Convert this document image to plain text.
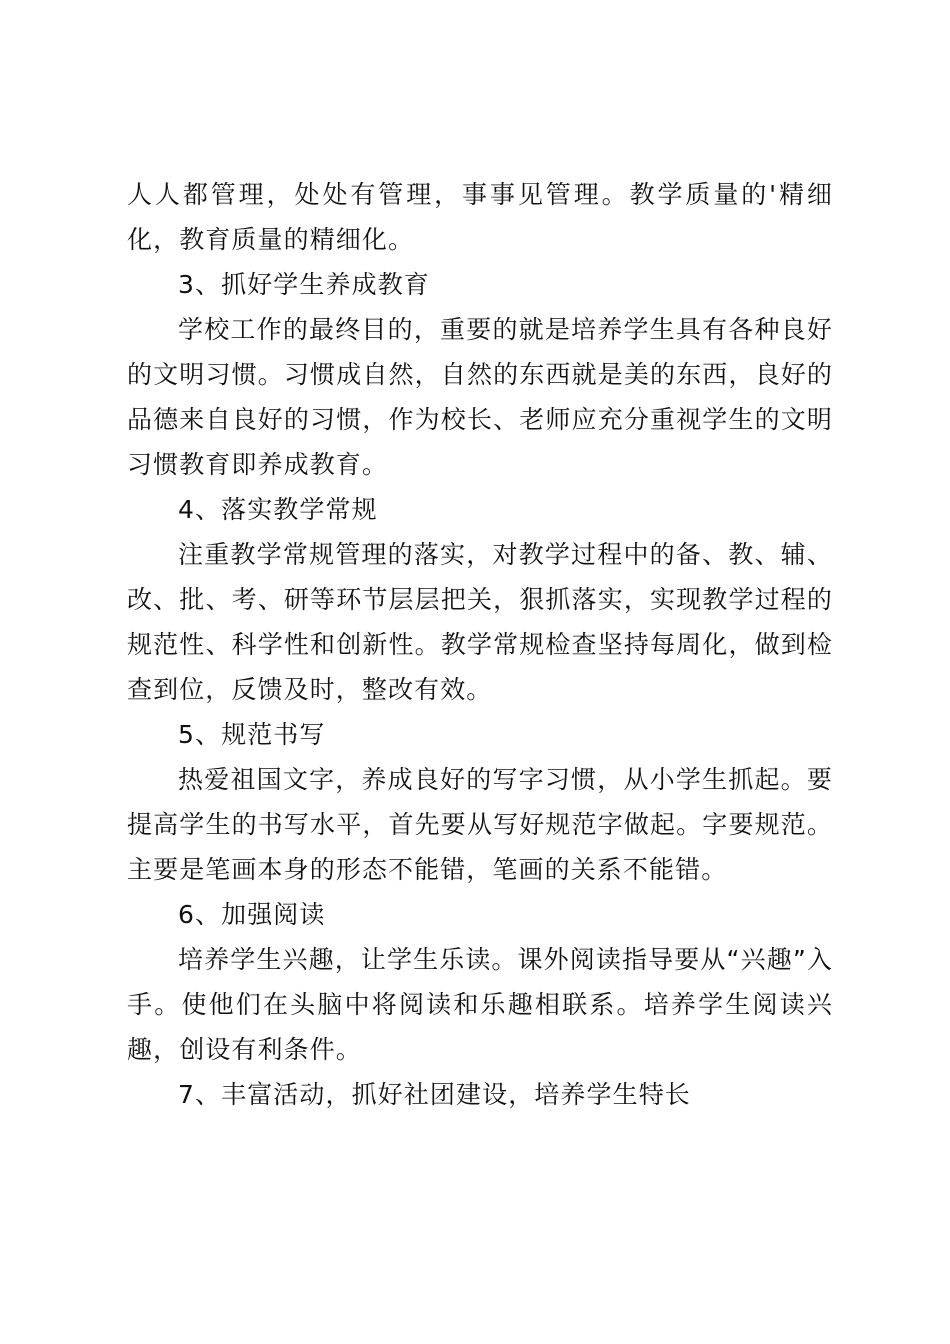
人人都管理，处处有管理，事事见管理。教学质量的'精细化，教育质量的精细化。

3、抓好学生养成教育

学校工作的最终目的，重要的就是培养学生具有各种良好的文明习惯。习惯成自然，自然的东西就是美的东西，良好的品德来自良好的习惯，作为校长、老师应充分重视学生的文明习惯教育即养成教育。

4、落实教学常规

注重教学常规管理的落实，对教学过程中的备、教、辅、改、批、考、研等环节层层把关，狠抓落实，实现教学过程的规范性、科学性和创新性。教学常规检查坚持每周化，做到检查到位，反馈及时，整改有效。

5、规范书写

热爱祖国文字，养成良好的写字习惯，从小学生抓起。要提高学生的书写水平，首先要从写好规范字做起。字要规范。主要是笔画本身的形态不能错，笔画的关系不能错。

6、加强阅读

培养学生兴趣，让学生乐读。课外阅读指导要从“兴趣”入手。使他们在头脑中将阅读和乐趣相联系。培养学生阅读兴趣，创设有利条件。

7、丰富活动，抓好社团建设，培养学生特长
